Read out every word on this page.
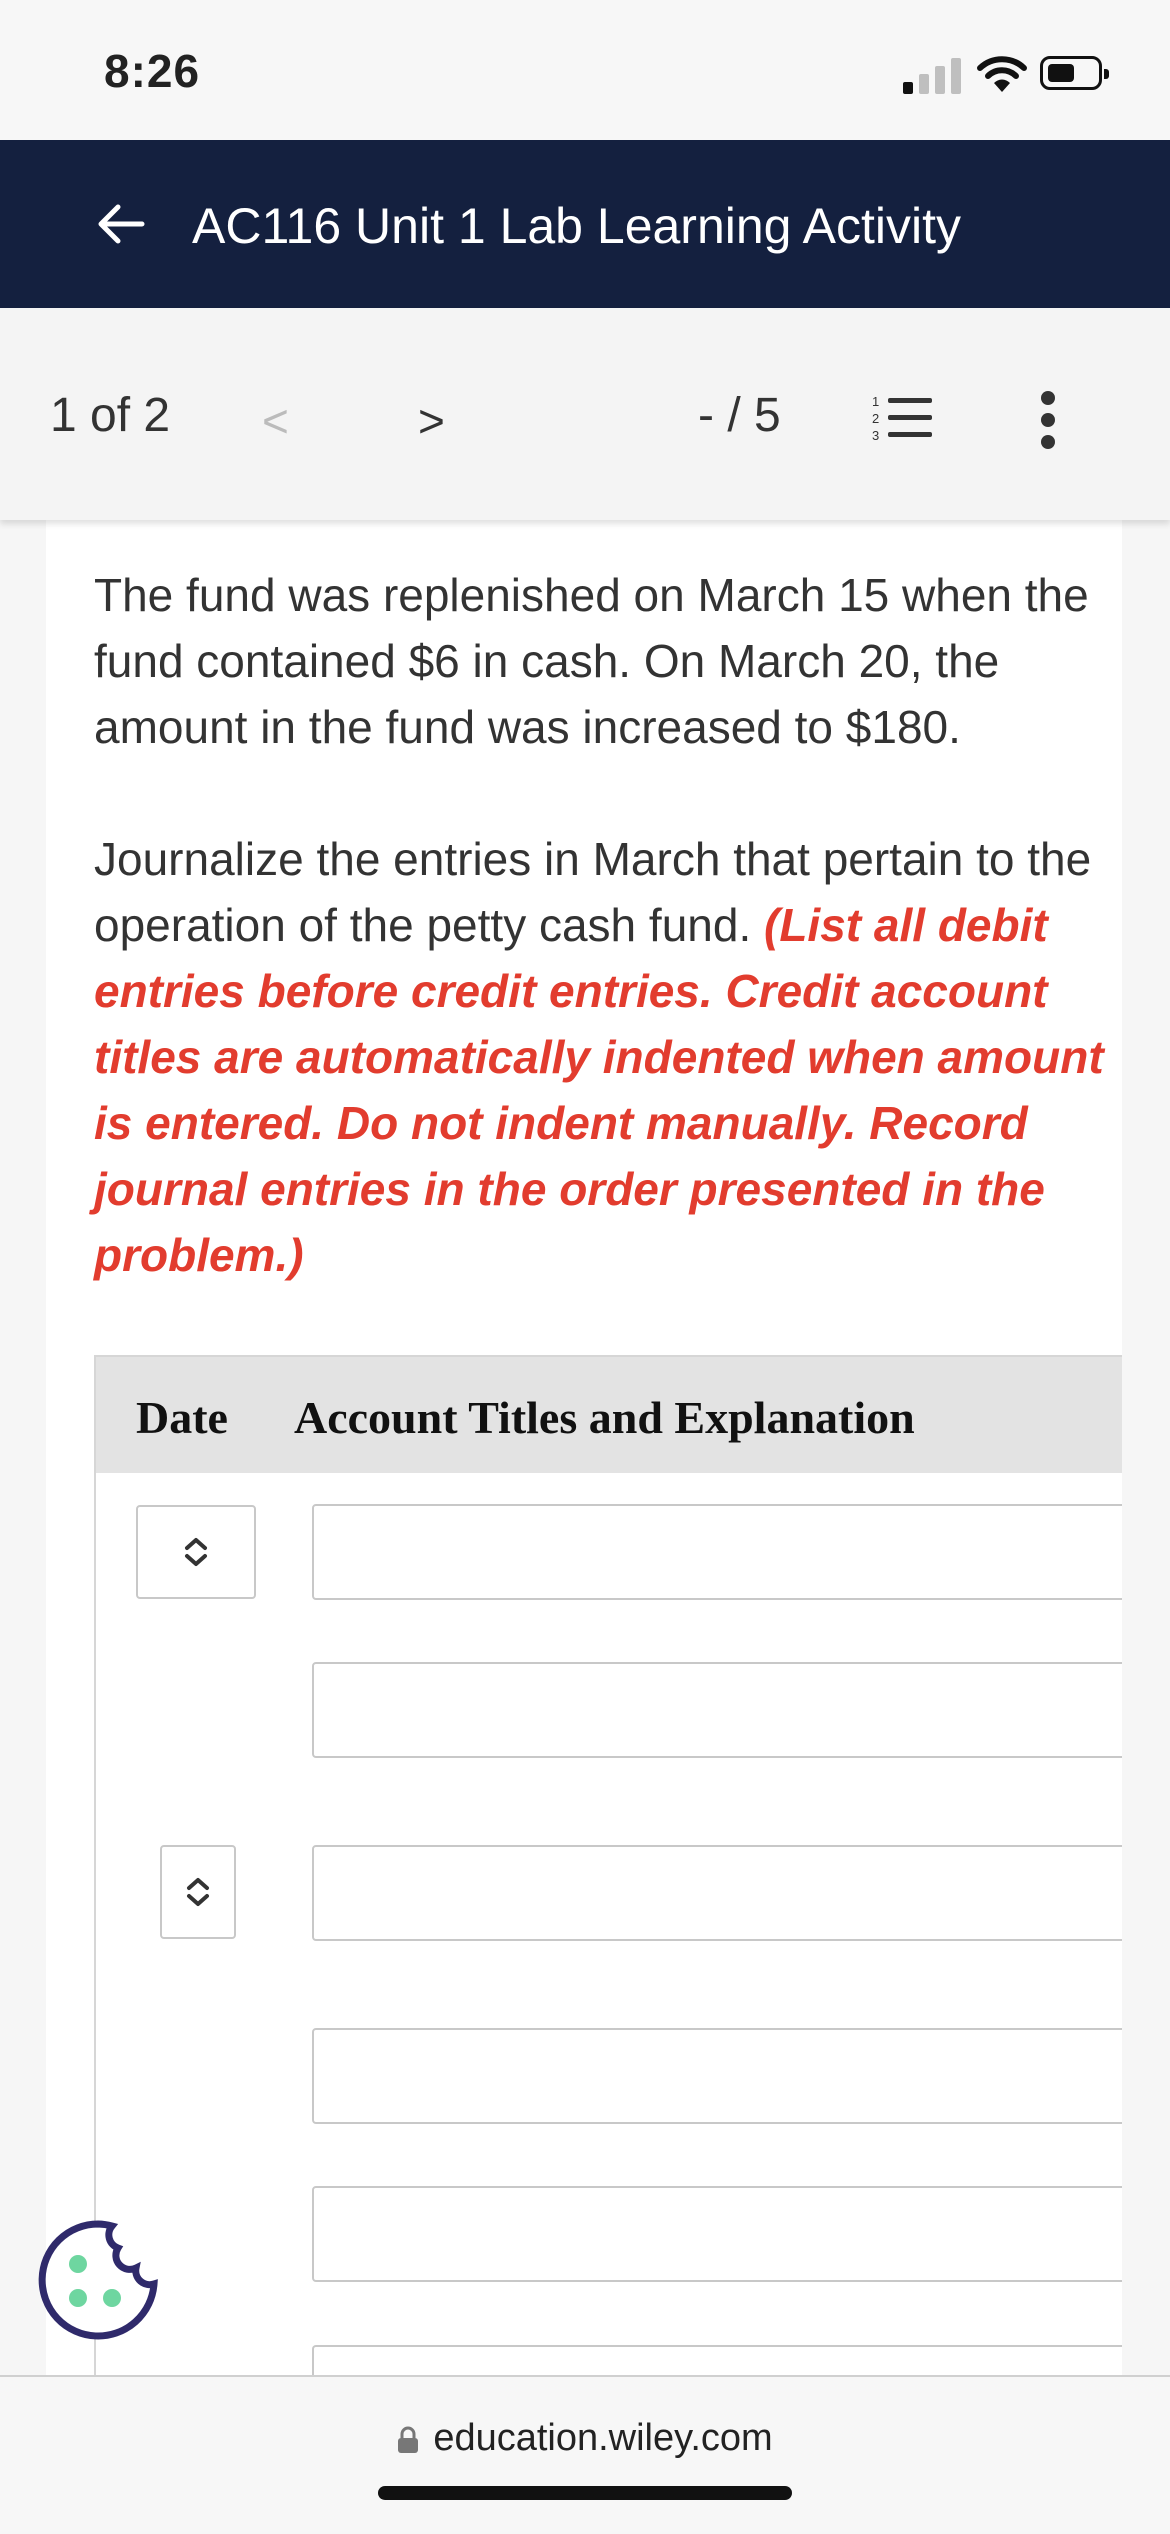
8:26
AC116 Unit 1 Lab Learning Activity
1 of 2 <	>	- / 5	1
2
3

The fund was replenished on March 15 when the fund contained $6 in cash. On March 20, the amount in the fund was increased to $180.

Journalize the entries in March that pertain to the operation of the petty cash fund. (List all debit entries before credit entries. Credit account titles are automatically indented when amount is entered. Do not indent manually. Record journal entries in the order presented in the problem.)

Date Account Titles and Explanation
education.wiley.com
